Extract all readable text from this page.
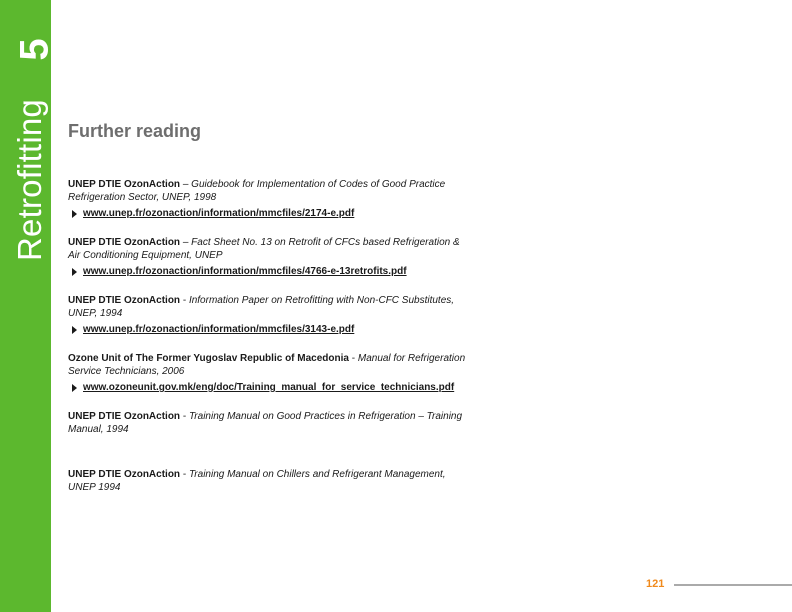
5
Retrofitting Further reading
UNEP DTIE OzonAction – Guidebook for Implementation of Codes of Good Practice Refrigeration Sector, UNEP, 1998
www.unep.fr/ozonaction/information/mmcfiles/2174-e.pdf
UNEP DTIE OzonAction – Fact Sheet No. 13 on Retrofit of CFCs based Refrigeration & Air Conditioning Equipment, UNEP
www.unep.fr/ozonaction/information/mmcfiles/4766-e-13retrofits.pdf
UNEP DTIE OzonAction - Information Paper on Retrofitting with Non-CFC Substitutes, UNEP, 1994
www.unep.fr/ozonaction/information/mmcfiles/3143-e.pdf
Ozone Unit of The Former Yugoslav Republic of Macedonia - Manual for Refrigeration Service Technicians, 2006
www.ozoneunit.gov.mk/eng/doc/Training_manual_for_service_technicians.pdf
UNEP DTIE OzonAction - Training Manual on Good Practices in Refrigeration – Training Manual, 1994
UNEP DTIE OzonAction - Training Manual on Chillers and Refrigerant Management, UNEP 1994
121
